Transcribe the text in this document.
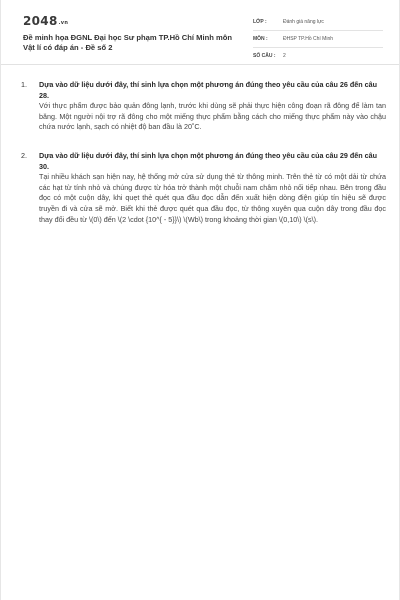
2048.vn
Đề minh họa ĐGNL Đại học Sư phạm TP.Hồ Chí Minh môn Vật lí có đáp án - Đề số 2
LỚP :	Đánh giá năng lực
MÔN :	ĐHSP TP.Hồ Chí Minh
SỐ CÂU :	2
1.	Dựa vào dữ liệu dưới đây, thí sinh lựa chọn một phương án đúng theo yêu cầu của câu 26 đến câu 28.
Với thực phẩm được bảo quản đông lạnh, trước khi dùng sẽ phải thực hiện công đoạn rã đông để làm tan băng. Một người nội trợ rã đông cho một miếng thực phẩm bằng cách cho miếng thực phẩm này vào chậu chứa nước lạnh, sạch có nhiệt độ ban đầu là 20˚C.
2.	Dựa vào dữ liệu dưới đây, thí sinh lựa chọn một phương án đúng theo yêu cầu của câu 29 đến câu 30.
Tại nhiều khách sạn hiện nay, hệ thống mở cửa sử dụng thẻ từ thông minh. Trên thẻ từ có một dải từ chứa các hạt từ tính nhỏ và chúng được từ hóa trở thành một chuỗi nam châm nhỏ nối tiếp nhau. Bên trong đầu đọc có một cuộn dây, khi quẹt thẻ quét qua đầu đọc dẫn đến xuất hiện dòng điện giúp tín hiệu sẽ được truyền đi và cửa sẽ mở. Biết khi thẻ được quét qua đầu đọc, từ thông xuyên qua cuộn dây trong đầu đọc thay đổi đều từ \(0\) đến \(2 \cdot {10^{ - 5}}\) \(Wb\) trong khoảng thời gian \(0,10\) \(s\).
